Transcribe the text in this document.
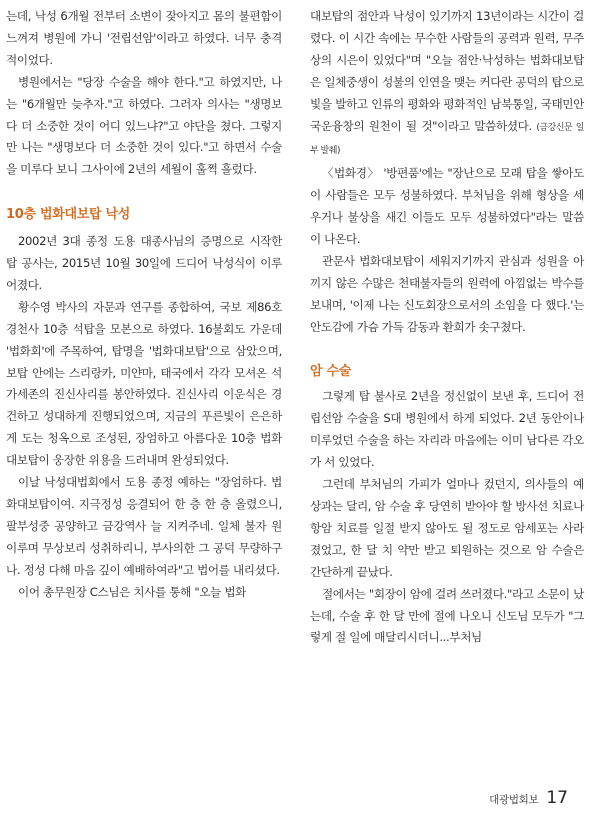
는데, 낙성 6개월 전부터 소변이 잦아지고 몸의 불편함이 느껴져 병원에 가니 '전립선암'이라고 하였다. 너무 충격적이었다.

병원에서는 "당장 수술을 해야 한다."고 하였지만, 나는 "6개월만 늦추자."고 하였다. 그러자 의사는 "생명보다 더 소중한 것이 어디 있느냐?"고 야단을 쳤다. 그렇지만 나는 "생명보다 더 소중한 것이 있다."고 하면서 수술을 미루다 보니 그사이에 2년의 세월이 훌쩍 흘렀다.

10층 법화대보탑 낙성

2002년 3대 종정 도용 대종사님의 증명으로 시작한 탑 공사는, 2015년 10월 30일에 드디어 낙성식이 이루어졌다.

황수영 박사의 자문과 연구를 종합하여, 국보 제86호 경천사 10층 석탑을 모본으로 하였다. 16불회도 가운데 '법화회'에 주목하여, 탑명을 '법화대보탑'으로 삼았으며, 보탑 안에는 스리랑카, 미얀마, 태국에서 각각 모셔온 석가세존의 진신사리를 봉안하였다. 진신사리 이운식은 경건하고 성대하게 진행되었으며, 지금의 푸른빛이 은은하게 도는 청옥으로 조성된, 장엄하고 아름다운 10층 법화대보탑이 웅장한 위용을 드러내며 완성되었다.

이날 낙성대법회에서 도용 종정 예하는 "장엄하다. 법화대보탑이여. 지극정성 응결되어 한 층 한 층 올렸으니, 팔부성중 공양하고 금강역사 늘 지켜주네. 일체 불자 원 이루며 무상보리 성취하리니, 부사의한 그 공덕 무량하구나. 정성 다해 마음 깊이 예배하여라"고 법어를 내리셨다.

이어 총무원장 C스님은 치사를 통해 "오늘 법화

대보탑의 점안과 낙성이 있기까지 13년이라는 시간이 걸렸다. 이 시간 속에는 무수한 사람들의 공력과 원력, 무주상의 시은이 있었다"며 "오늘 점안·낙성하는 법화대보탑은 일체중생이 성불의 인연을 맺는 커다란 공덕의 탑으로 빛을 발하고 인류의 평화와 평화적인 남북통일, 국태민안 국운융창의 원천이 될 것"이라고 말씀하셨다. (금강신문 일부 발췌)

〈법화경〉 '방편품'에는 "장난으로 모래 탑을 쌓아도 이 사람들은 모두 성불하였다. 부처님을 위해 형상을 세우거나 불상을 새긴 이들도 모두 성불하였다"라는 말씀이 나온다.

관문사 법화대보탑이 세워지기까지 관심과 성원을 아끼지 않은 수많은 천태불자들의 원력에 아낌없는 박수를 보내며, '이제 나는 신도회장으로서의 소임을 다 했다.'는 안도감에 가슴 가득 감동과 환희가 솟구쳤다.

암 수술

그렇게 탑 불사로 2년을 정신없이 보낸 후, 드디어 전립선암 수술을 S대 병원에서 하게 되었다. 2년 동안이나 미루었던 수술을 하는 자리라 마음에는 이미 남다른 각오가 서 있었다.

그런데 부처님의 가피가 얼마나 컸던지, 의사들의 예상과는 달리, 암 수술 후 당연히 받아야 할 방사선 치료나 항암 치료를 일절 받지 않아도 될 정도로 암세포는 사라졌었고, 한 달 치 약만 받고 퇴원하는 것으로 암 수술은 간단하게 끝났다.

절에서는 "회장이 암에 걸려 쓰러졌다."라고 소문이 났는데, 수술 후 한 달 만에 절에 나오니 신도님 모두가 "그렇게 절 일에 매달리시더니...부처님

대광법회보 17
